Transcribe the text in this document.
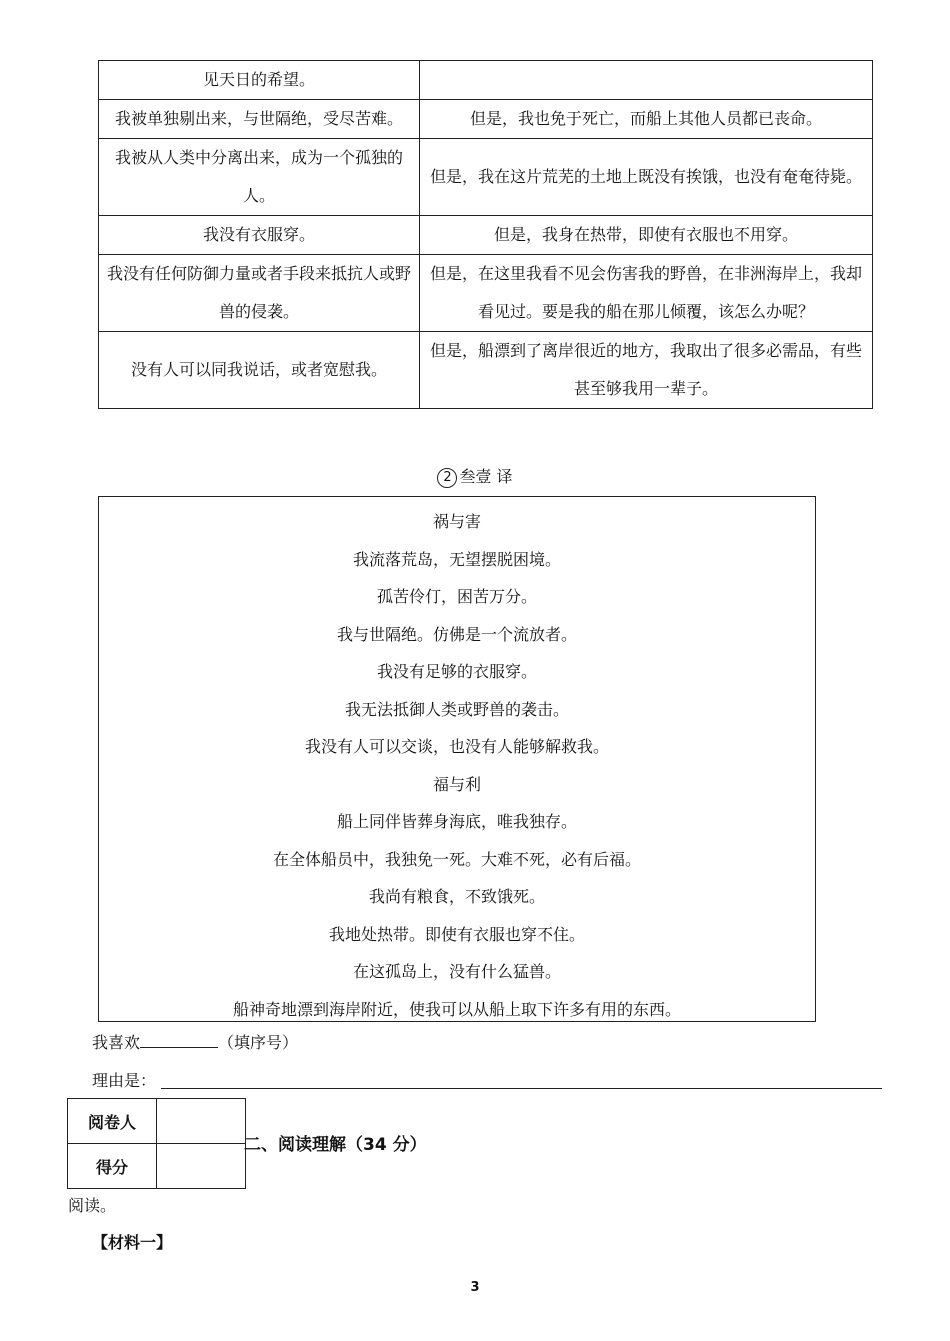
见天日的希望。	
我被单独剔出来，与世隔绝，受尽苦难。	但是，我也免于死亡，而船上其他人员都已丧命。
我被从人类中分离出来，成为一个孤独的人。	但是，我在这片荒芜的土地上既没有挨饿，也没有奄奄待毙。
我没有衣服穿。	但是，我身在热带，即使有衣服也不用穿。
我没有任何防御力量或者手段来抵抗人或野兽的侵袭。	但是，在这里我看不见会伤害我的野兽，在非洲海岸上，我却看见过。要是我的船在那儿倾覆，该怎么办呢？
没有人可以同我说话，或者宽慰我。	但是，船漂到了离岸很近的地方，我取出了很多必需品，有些甚至够我用一辈子。
2 叁壹 译
祸与害
我流落荒岛，无望摆脱困境。
孤苦伶仃，困苦万分。
我与世隔绝。仿佛是一个流放者。
我没有足够的衣服穿。
我无法抵御人类或野兽的袭击。
我没有人可以交谈，也没有人能够解救我。
福与利
船上同伴皆葬身海底，唯我独存。
在全体船员中，我独免一死。大难不死，必有后福。
我尚有粮食，不致饿死。
我地处热带。即使有衣服也穿不住。
在这孤岛上，没有什么猛兽。
船神奇地漂到海岸附近，使我可以从船上取下许多有用的东西。
我喜欢	（填序号）
理由是：
阅卷人	
得分	
二、阅读理解（34 分）
阅读。
【材料一】
3
